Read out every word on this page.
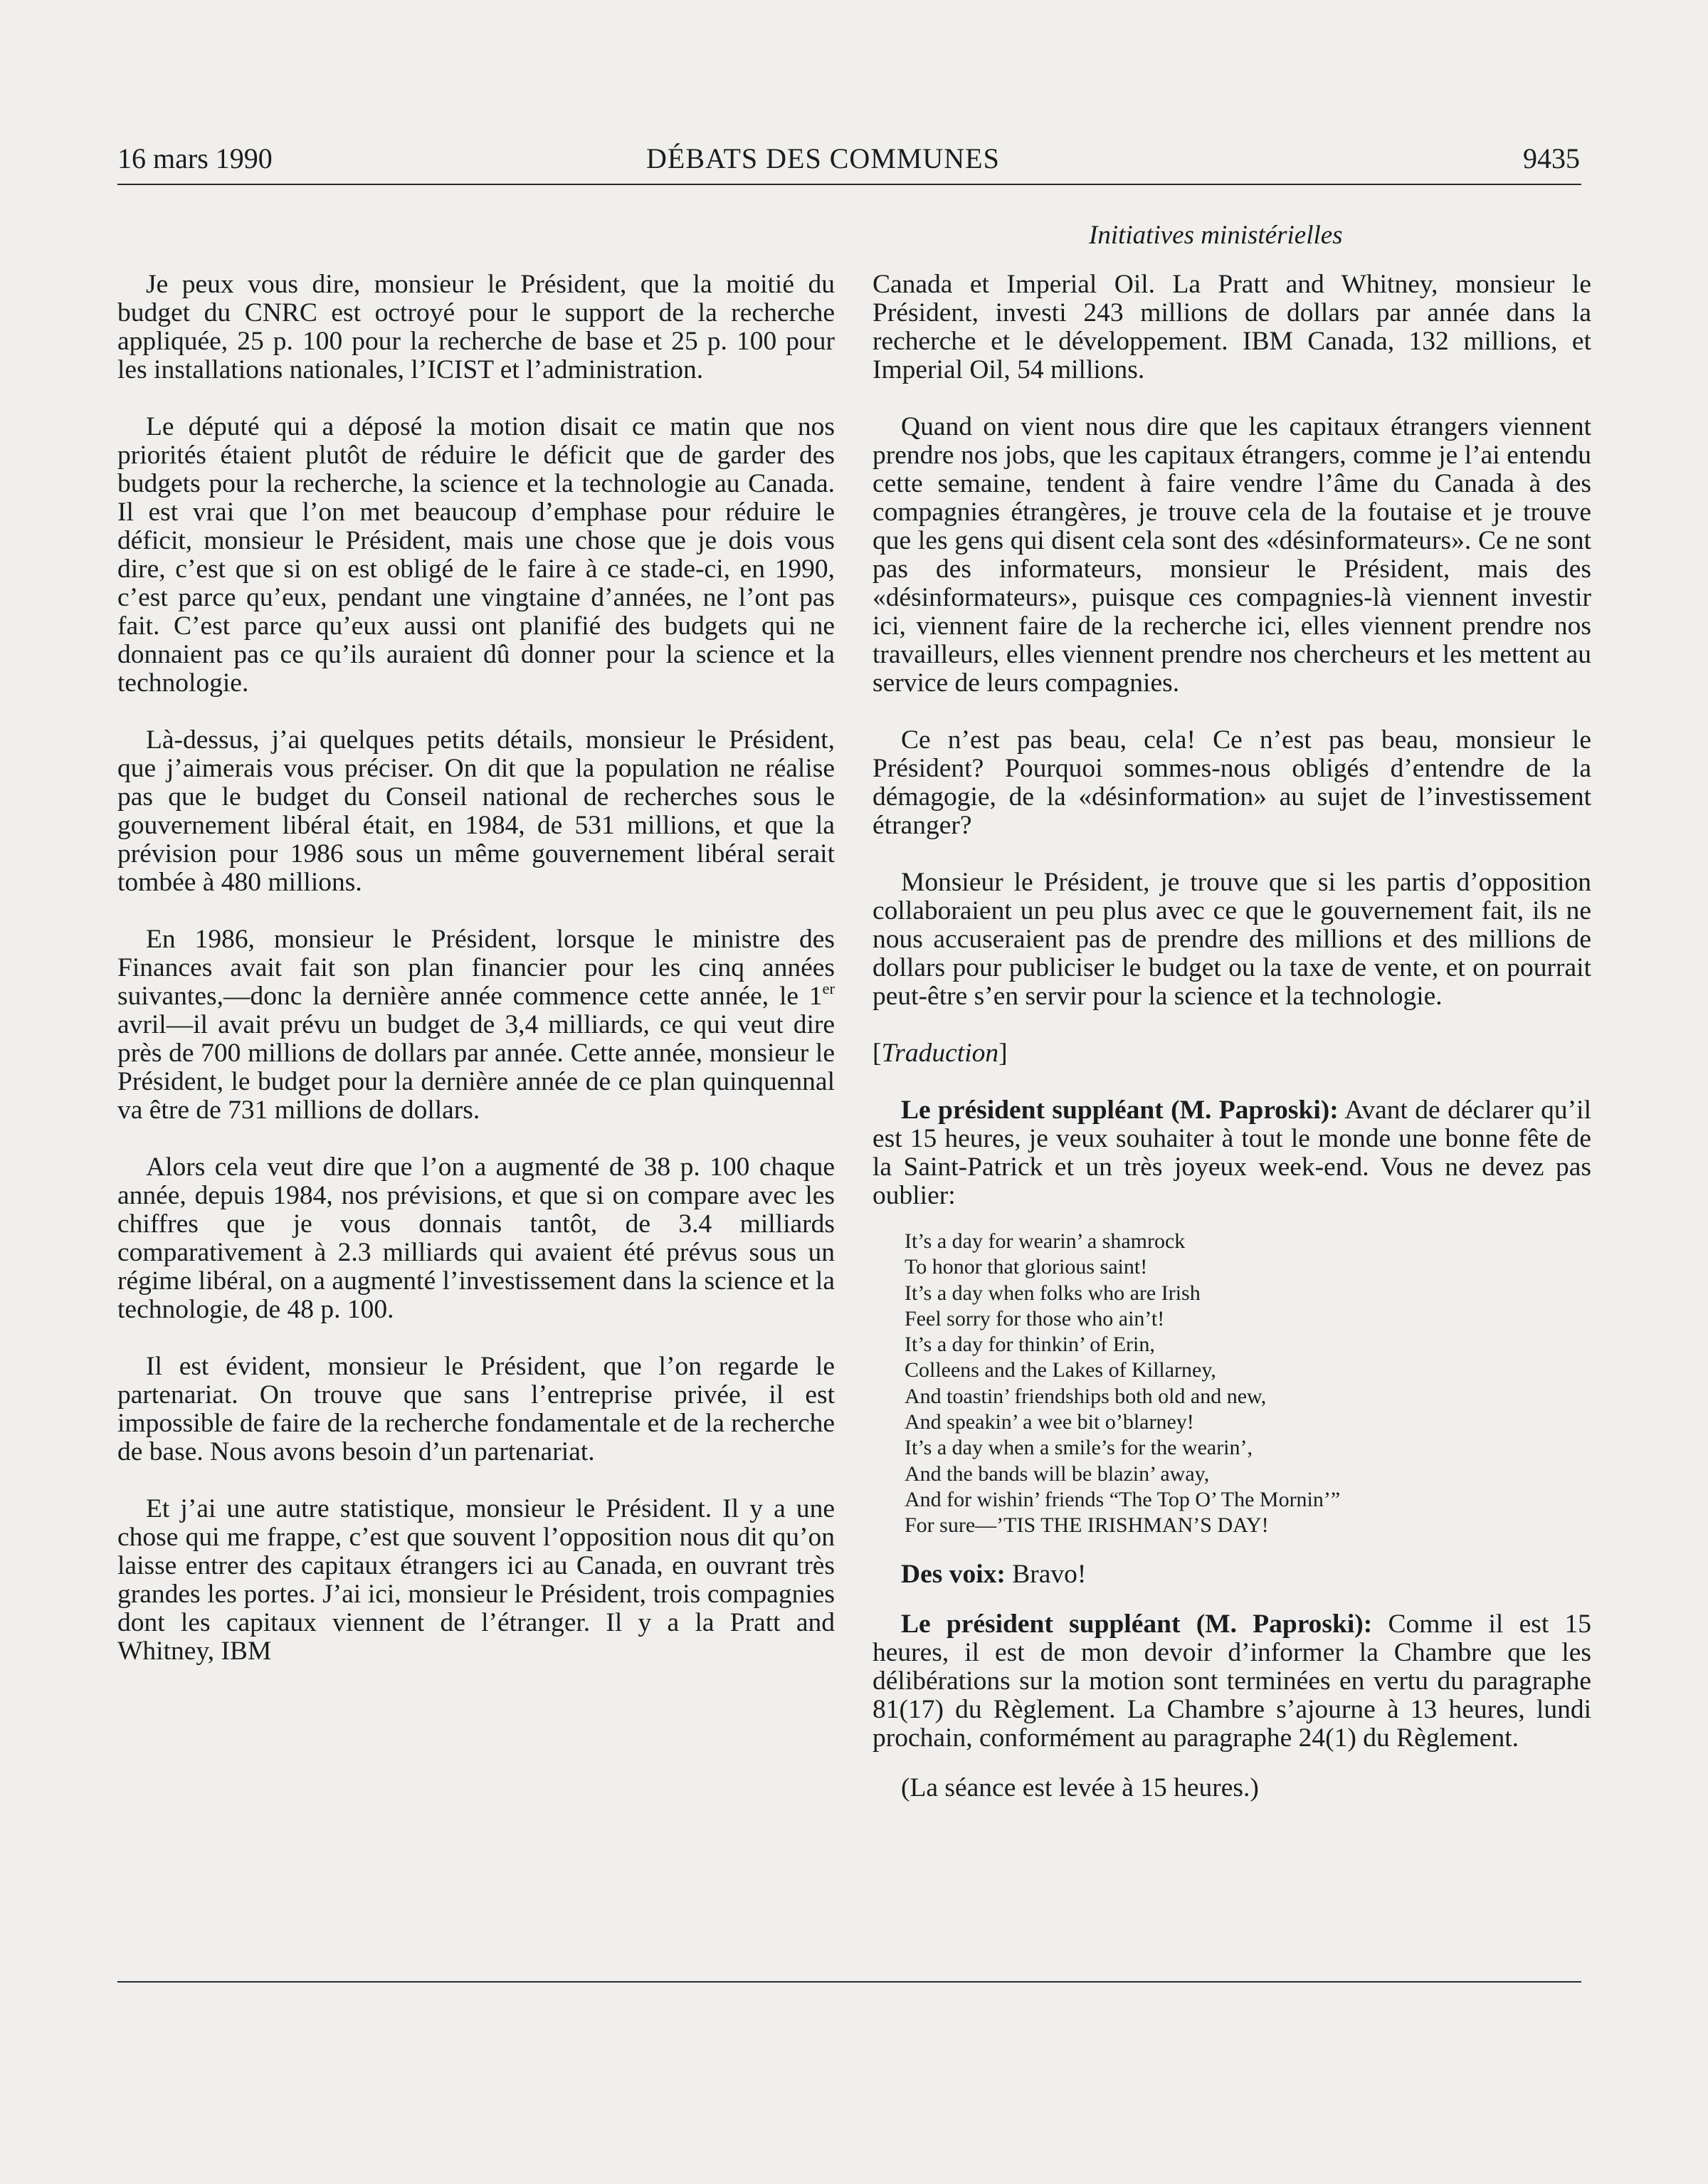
16 mars 1990	DÉBATS DES COMMUNES	9435
Initiatives ministérielles

Je peux vous dire, monsieur le Président, que la moitié du budget du CNRC est octroyé pour le support de la recherche appliquée, 25 p. 100 pour la recherche de base et 25 p. 100 pour les installations nationales, l’ICIST et l’administration.

Le député qui a déposé la motion disait ce matin que nos priorités étaient plutôt de réduire le déficit que de garder des budgets pour la recherche, la science et la technologie au Canada. Il est vrai que l’on met beaucoup d’emphase pour réduire le déficit, monsieur le Président, mais une chose que je dois vous dire, c’est que si on est obligé de le faire à ce stade-ci, en 1990, c’est parce qu’eux, pendant une vingtaine d’années, ne l’ont pas fait. C’est parce qu’eux aussi ont planifié des budgets qui ne donnaient pas ce qu’ils auraient dû donner pour la science et la technologie.

Là-dessus, j’ai quelques petits détails, monsieur le Président, que j’aimerais vous préciser. On dit que la population ne réalise pas que le budget du Conseil national de recherches sous le gouvernement libéral était, en 1984, de 531 millions, et que la prévision pour 1986 sous un même gouvernement libéral serait tombée à 480 millions.

En 1986, monsieur le Président, lorsque le ministre des Finances avait fait son plan financier pour les cinq années suivantes,—donc la dernière année commence cette année, le 1er avril—il avait prévu un budget de 3,4 milliards, ce qui veut dire près de 700 millions de dollars par année. Cette année, monsieur le Président, le budget pour la dernière année de ce plan quinquennal va être de 731 millions de dollars.

Alors cela veut dire que l’on a augmenté de 38 p. 100 chaque année, depuis 1984, nos prévisions, et que si on compare avec les chiffres que je vous donnais tantôt, de 3.4 milliards comparativement à 2.3 milliards qui avaient été prévus sous un régime libéral, on a augmenté l’investissement dans la science et la technologie, de 48 p. 100.

Il est évident, monsieur le Président, que l’on regarde le partenariat. On trouve que sans l’entreprise privée, il est impossible de faire de la recherche fondamentale et de la recherche de base. Nous avons besoin d’un partenariat.

Et j’ai une autre statistique, monsieur le Président. Il y a une chose qui me frappe, c’est que souvent l’opposition nous dit qu’on laisse entrer des capitaux étrangers ici au Canada, en ouvrant très grandes les portes. J’ai ici, monsieur le Président, trois compagnies dont les capitaux viennent de l’étranger. Il y a la Pratt and Whitney, IBM

Canada et Imperial Oil. La Pratt and Whitney, monsieur le Président, investi 243 millions de dollars par année dans la recherche et le développement. IBM Canada, 132 millions, et Imperial Oil, 54 millions.

Quand on vient nous dire que les capitaux étrangers viennent prendre nos jobs, que les capitaux étrangers, comme je l’ai entendu cette semaine, tendent à faire vendre l’âme du Canada à des compagnies étrangères, je trouve cela de la foutaise et je trouve que les gens qui disent cela sont des «désinformateurs». Ce ne sont pas des informateurs, monsieur le Président, mais des «désinformateurs», puisque ces compagnies-là viennent investir ici, viennent faire de la recherche ici, elles viennent prendre nos travailleurs, elles viennent prendre nos chercheurs et les mettent au service de leurs compagnies.

Ce n’est pas beau, cela! Ce n’est pas beau, monsieur le Président? Pourquoi sommes-nous obligés d’entendre de la démagogie, de la «désinformation» au sujet de l’investissement étranger?

Monsieur le Président, je trouve que si les partis d’opposition collaboraient un peu plus avec ce que le gouvernement fait, ils ne nous accuseraient pas de prendre des millions et des millions de dollars pour publiciser le budget ou la taxe de vente, et on pourrait peut-être s’en servir pour la science et la technologie.

[Traduction]

Le président suppléant (M. Paproski): Avant de déclarer qu’il est 15 heures, je veux souhaiter à tout le monde une bonne fête de la Saint-Patrick et un très joyeux week-end. Vous ne devez pas oublier:

It’s a day for wearin’ a shamrock
To honor that glorious saint!
It’s a day when folks who are Irish
Feel sorry for those who ain’t!
It’s a day for thinkin’ of Erin,
Colleens and the Lakes of Killarney,
And toastin’ friendships both old and new,
And speakin’ a wee bit o’blarney!
It’s a day when a smile’s for the wearin’,
And the bands will be blazin’ away,
And for wishin’ friends “The Top O’ The Mornin’”
For sure—’TIS THE IRISHMAN’S DAY!

Des voix: Bravo!

Le président suppléant (M. Paproski): Comme il est 15 heures, il est de mon devoir d’informer la Chambre que les délibérations sur la motion sont terminées en vertu du paragraphe 81(17) du Règlement. La Chambre s’ajourne à 13 heures, lundi prochain, conformément au paragraphe 24(1) du Règlement.

(La séance est levée à 15 heures.)
